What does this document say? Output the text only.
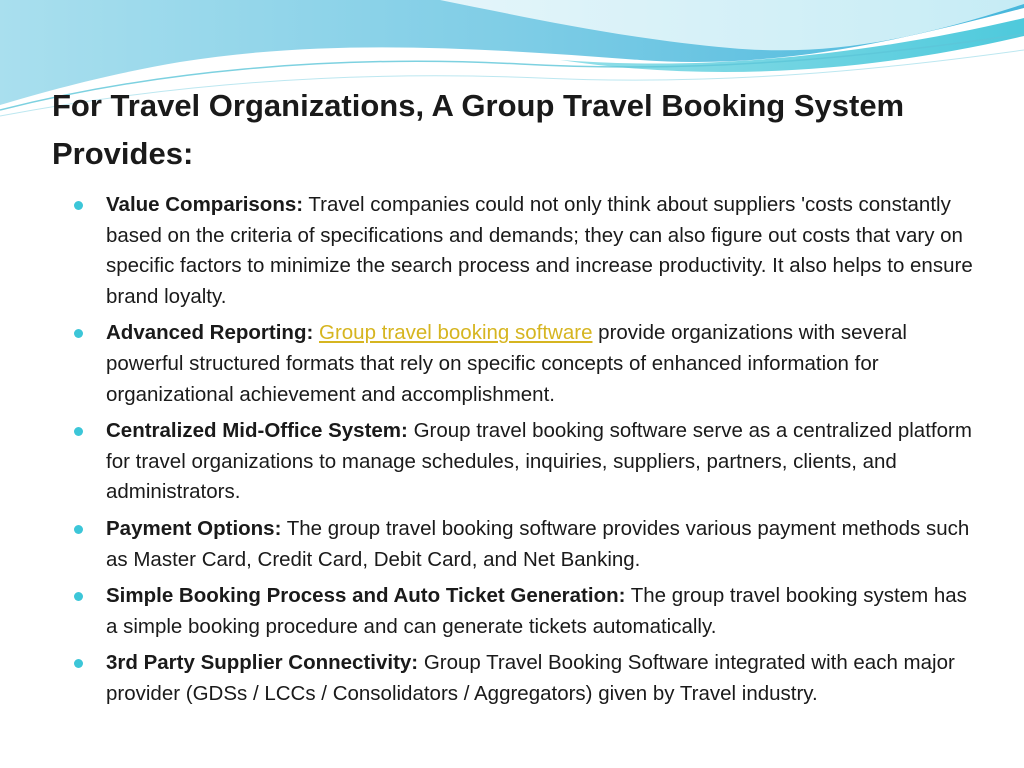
For Travel Organizations, A Group Travel Booking System Provides:
Value Comparisons: Travel companies could not only think about suppliers 'costs constantly based on the criteria of specifications and demands; they can also figure out costs that vary on specific factors to minimize the search process and increase productivity. It also helps to ensure brand loyalty.
Advanced Reporting: Group travel booking software provide organizations with several powerful structured formats that rely on specific concepts of enhanced information for organizational achievement and accomplishment.
Centralized Mid-Office System: Group travel booking software serve as a centralized platform for travel organizations to manage schedules, inquiries, suppliers, partners, clients, and administrators.
Payment Options: The group travel booking software provides various payment methods such as Master Card, Credit Card, Debit Card, and Net Banking.
Simple Booking Process and Auto Ticket Generation: The group travel booking system has a simple booking procedure and can generate tickets automatically.
3rd Party Supplier Connectivity: Group Travel Booking Software integrated with each major provider (GDSs / LCCs / Consolidators / Aggregators) given by Travel industry.
